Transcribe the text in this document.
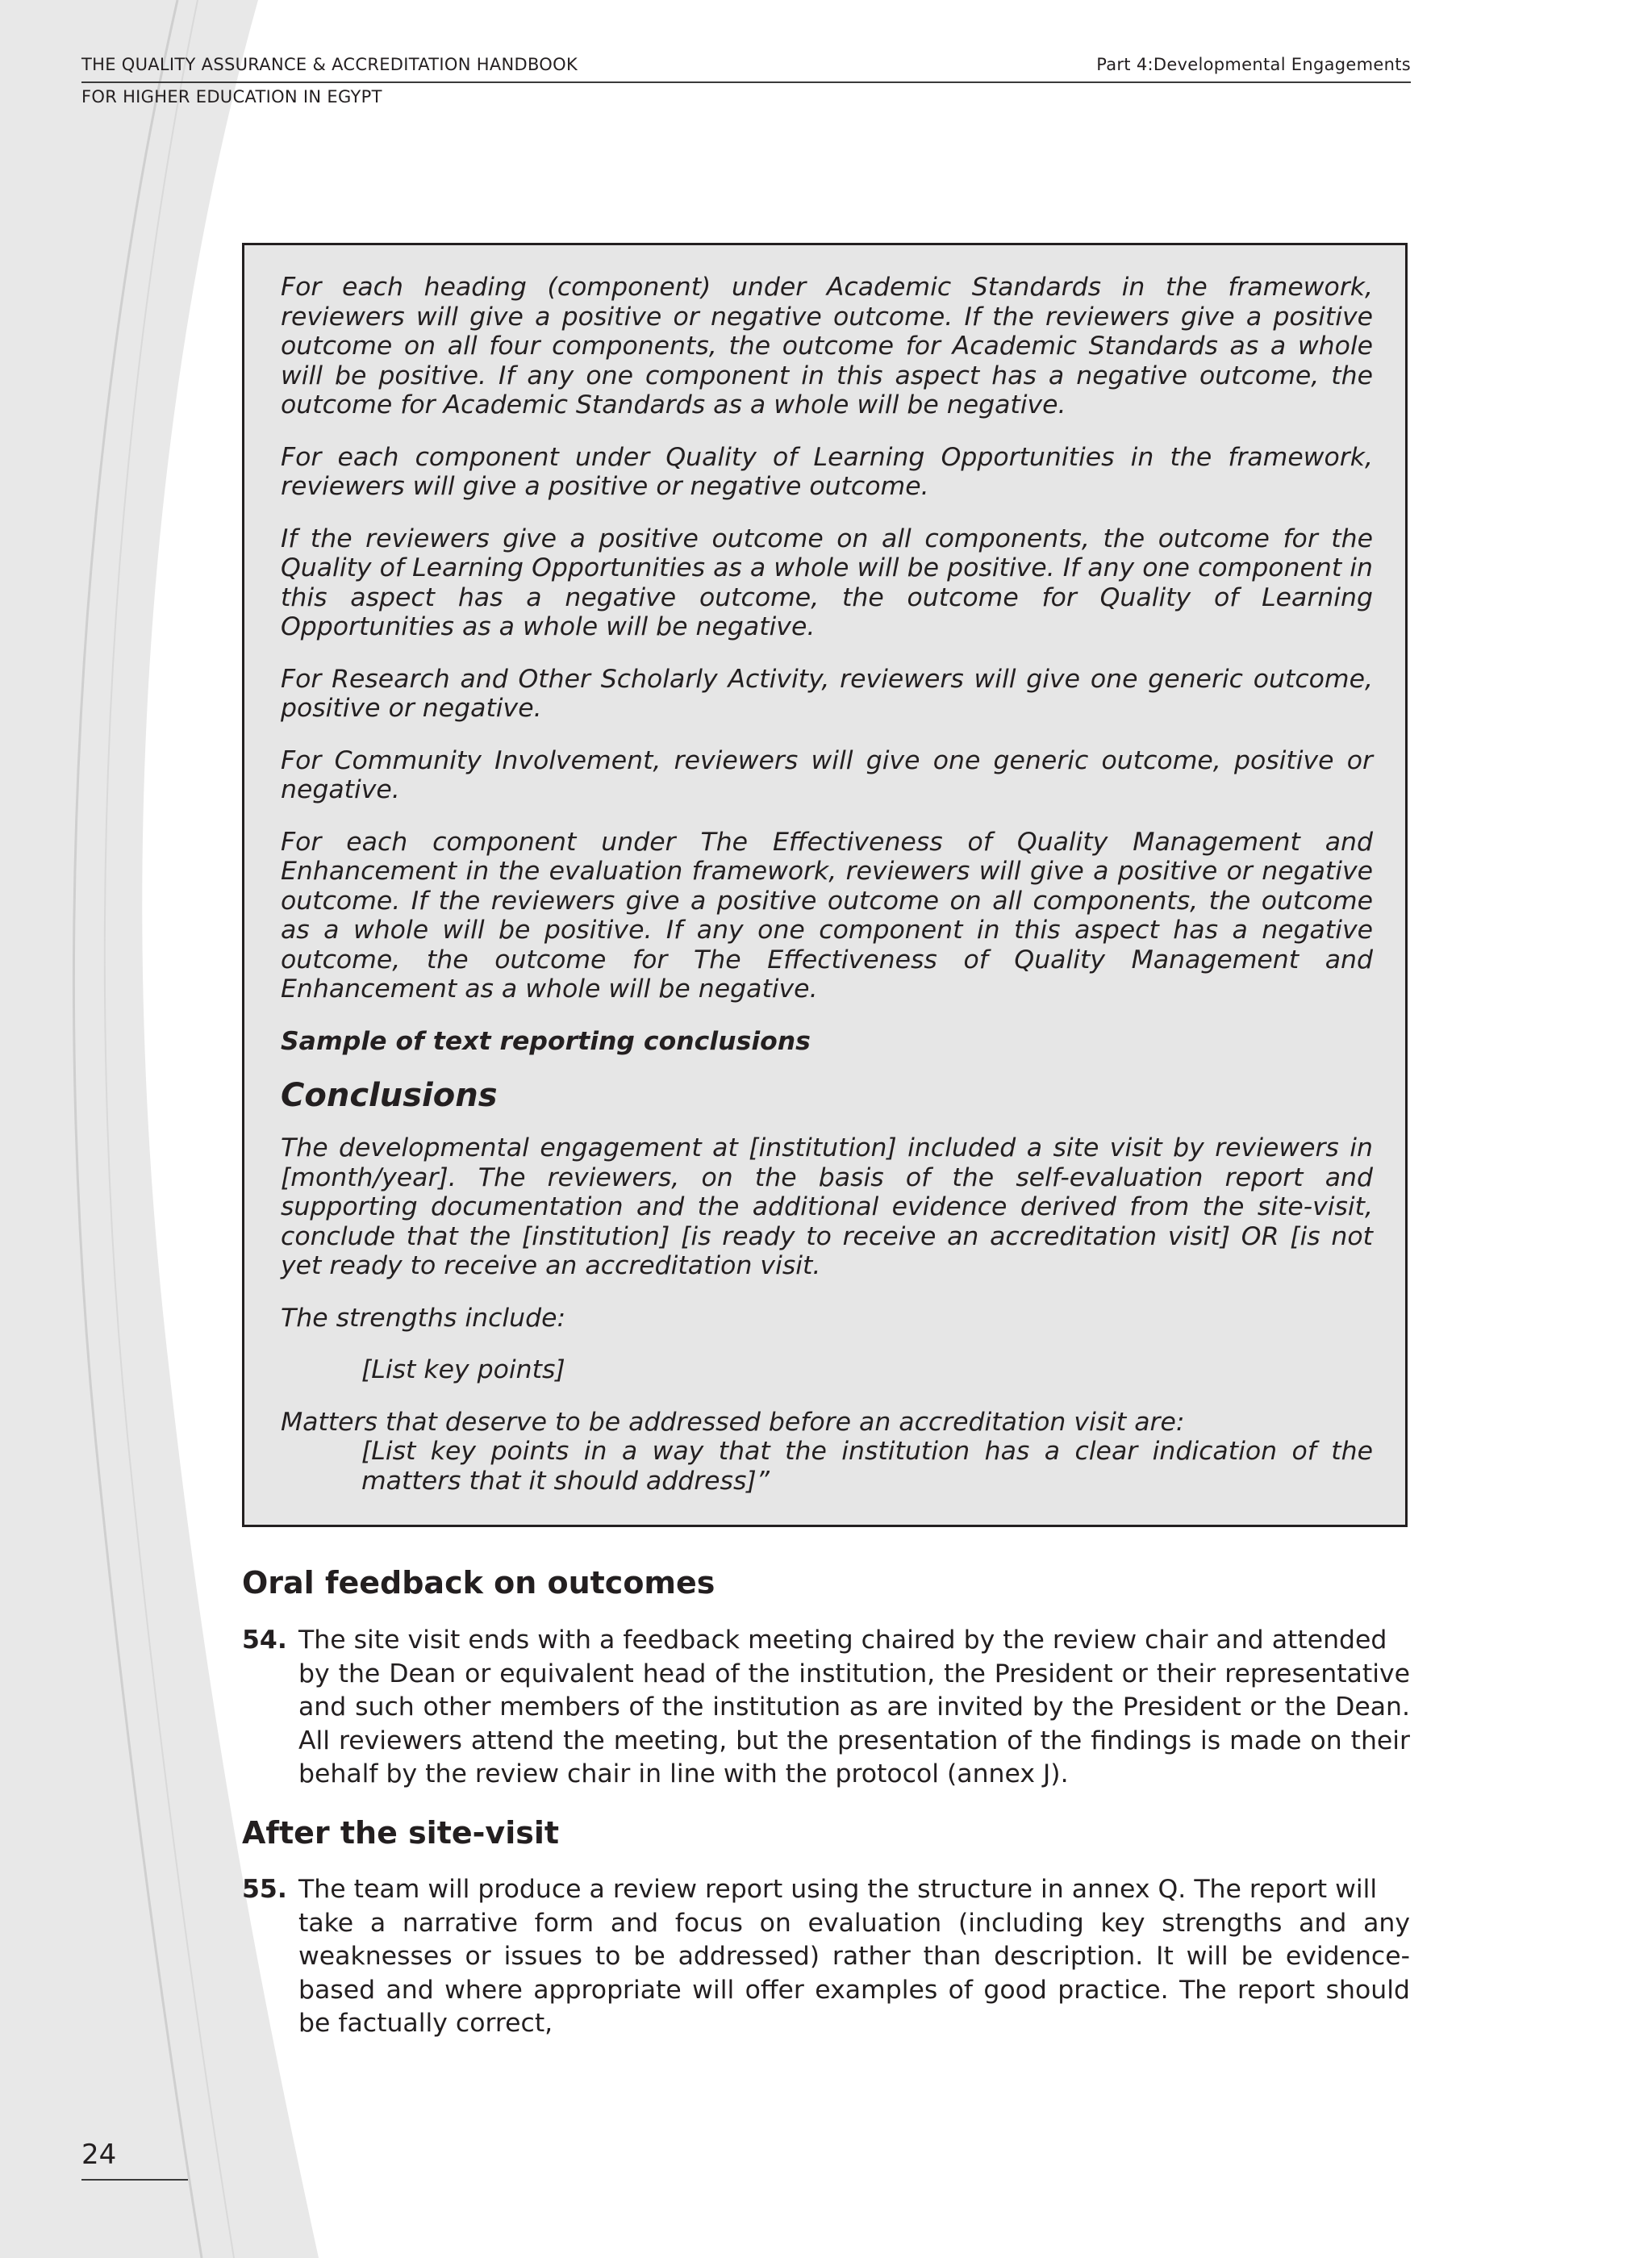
THE QUALITY ASSURANCE & ACCREDITATION HANDBOOK	Part 4:Developmental Engagements
FOR HIGHER EDUCATION IN EGYPT

For each heading (component) under Academic Standards in the framework, reviewers will give a positive or negative outcome. If the reviewers give a positive outcome on all four components, the outcome for Academic Standards as a whole will be positive. If any one component in this aspect has a negative outcome, the outcome for Academic Standards as a whole will be negative.

For each component under Quality of Learning Opportunities in the framework, reviewers will give a positive or negative outcome.

If the reviewers give a positive outcome on all components, the outcome for the Quality of Learning Opportunities as a whole will be positive. If any one component in this aspect has a negative outcome, the outcome for Quality of Learning Opportunities as a whole will be negative.

For Research and Other Scholarly Activity, reviewers will give one generic outcome, positive or negative.

For Community Involvement, reviewers will give one generic outcome, positive or negative.

For each component under The Effectiveness of Quality Management and Enhancement in the evaluation framework, reviewers will give a positive or negative outcome. If the reviewers give a positive outcome on all components, the outcome as a whole will be positive. If any one component in this aspect has a negative outcome, the outcome for The Effectiveness of Quality Management and Enhancement as a whole will be negative.

Sample of text reporting conclusions

Conclusions

The developmental engagement at [institution] included a site visit by reviewers in [month/year]. The reviewers, on the basis of the self-evaluation report and supporting documentation and the additional evidence derived from the site-visit, conclude that the [institution] [is ready to receive an accreditation visit] OR [is not yet ready to receive an accreditation visit.

The strengths include:

[List key points]

Matters that deserve to be addressed before an accreditation visit are:

[List key points in a way that the institution has a clear indication of the matters that it should address]”

Oral feedback on outcomes
54. The site visit ends with a feedback meeting chaired by the review chair and attended
by the Dean or equivalent head of the institution, the President or their representative and such other members of the institution as are invited by the President or the Dean. All reviewers attend the meeting, but the presentation of the findings is made on their behalf by the review chair in line with the protocol (annex J).
After the site-visit
55. The team will produce a review report using the structure in annex Q. The report will
take a narrative form and focus on evaluation (including key strengths and any weaknesses or issues to be addressed) rather than description. It will be evidence-based and where appropriate will offer examples of good practice. The report should be factually correct,
24
